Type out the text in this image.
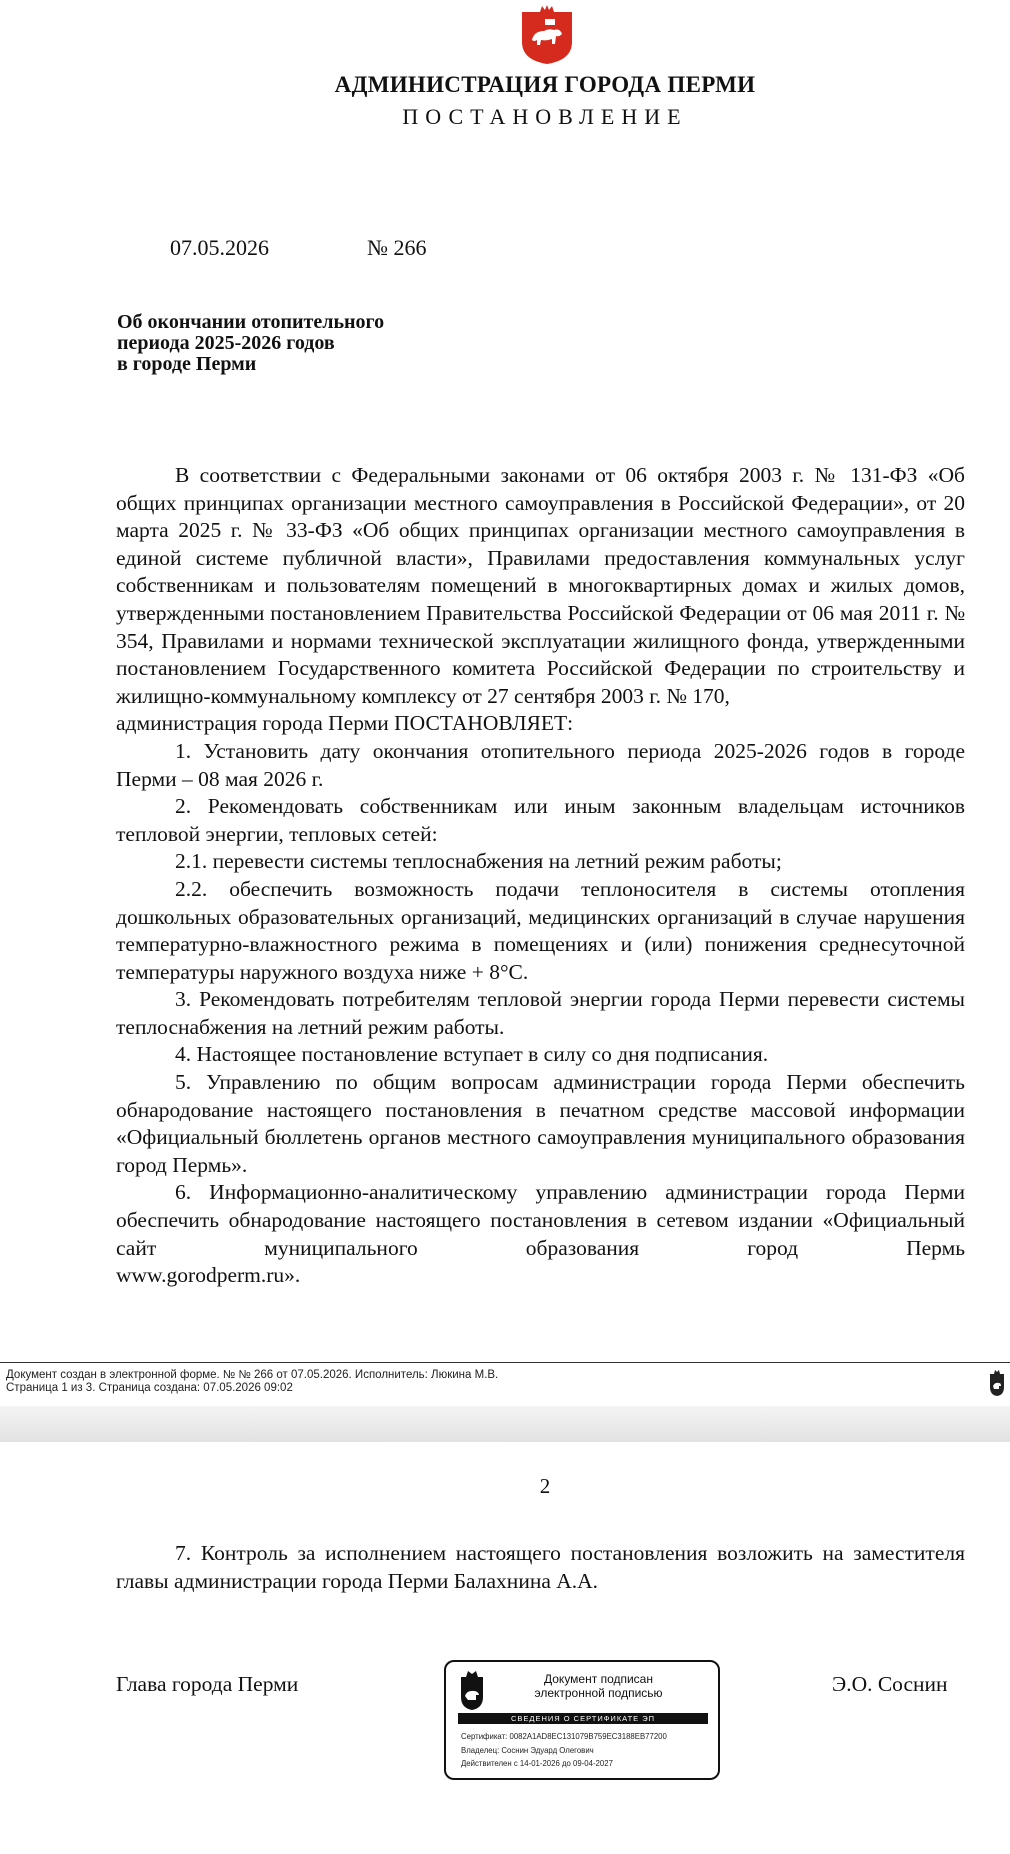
АДМИНИСТРАЦИЯ ГОРОДА ПЕРМИ
ПОСТАНОВЛЕНИЕ
07.05.2026	№ 266
Об окончании отопительного
периода 2025-2026 годов
в городе Перми

В соответствии с Федеральными законами от 06 октября 2003 г. № 131-ФЗ «Об общих принципах организации местного самоуправления в Российской Федерации», от 20 марта 2025 г. № 33-ФЗ «Об общих принципах организации местного самоуправления в единой системе публичной власти», Правилами предоставления коммунальных услуг собственникам и пользователям помещений в многоквартирных домах и жилых домов, утвержденными постановлением Правительства Российской Федерации от 06 мая 2011 г. № 354, Правилами и нормами технической эксплуатации жилищного фонда, утвержденными постановлением Государственного комитета Российской Федерации по строительству и жилищно-коммунальному комплексу от 27 сентября 2003 г. № 170,

администрация города Перми ПОСТАНОВЛЯЕТ:

1. Установить дату окончания отопительного периода 2025-2026 годов в городе Перми – 08 мая 2026 г.

2. Рекомендовать собственникам или иным законным владельцам источников тепловой энергии, тепловых сетей:

2.1. перевести системы теплоснабжения на летний режим работы;

2.2. обеспечить возможность подачи теплоносителя в системы отопления дошкольных образовательных организаций, медицинских организаций в случае нарушения температурно-влажностного режима в помещениях и (или) понижения среднесуточной температуры наружного воздуха ниже + 8°С.

3. Рекомендовать потребителям тепловой энергии города Перми перевести системы теплоснабжения на летний режим работы.

4. Настоящее постановление вступает в силу со дня подписания.

5. Управлению по общим вопросам администрации города Перми обеспечить обнародование настоящего постановления в печатном средстве массовой информации «Официальный бюллетень органов местного самоуправления муниципального образования город Пермь».

6. Информационно-аналитическому управлению администрации города Перми обеспечить обнародование настоящего постановления в сетевом издании «Официальный сайт муниципального образования город Пермь

www.gorodperm.ru».

Документ создан в электронной форме. № № 266 от 07.05.2026. Исполнитель: Люкина М.В.
Страница 1 из 3. Страница создана: 07.05.2026 09:02
2

7. Контроль за исполнением настоящего постановления возложить на заместителя главы администрации города Перми Балахнина А.А.

Глава города Перми	Э.О. Соснин
Документ подписан
электронной подписью
СВЕДЕНИЯ О СЕРТИФИКАТЕ ЭП
Сертификат: 0082A1AD8EC131079B759EC3188EB77200
Владелец: Соснин Эдуард Олегович
Действителен с 14-01-2026 до 09-04-2027
